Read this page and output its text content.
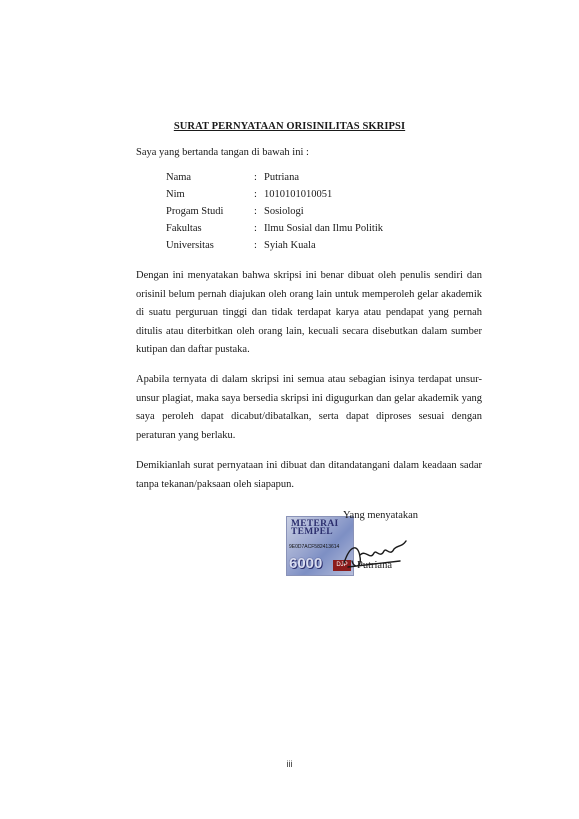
SURAT PERNYATAAN ORISINILITAS SKRIPSI
Saya yang bertanda tangan di bawah ini :
Nama	: Putriana
Nim	: 1010101010051
Progam Studi	: Sosiologi
Fakultas	: Ilmu Sosial dan Ilmu Politik
Universitas	: Syiah Kuala

Dengan ini menyatakan bahwa skripsi ini benar dibuat oleh penulis sendiri dan orisinil belum pernah diajukan oleh orang lain untuk memperoleh gelar akademik di suatu perguruan tinggi dan tidak terdapat karya atau pendapat yang pernah ditulis atau diterbitkan oleh orang lain, kecuali secara disebutkan dalam sumber kutipan dan daftar pustaka.

Apabila ternyata di dalam skripsi ini semua atau sebagian isinya terdapat unsur-unsur plagiat, maka saya bersedia skripsi ini digugurkan dan gelar akademik yang saya peroleh dapat dicabut/dibatalkan, serta dapat diproses sesuai dengan peraturan yang berlaku.

Demikianlah surat pernyataan ini dibuat dan ditandatangani dalam keadaan sadar tanpa tekanan/paksaan oleh siapapun.

METERAI
TEMPEL
9E0D7ACF582413614
6000	DJP
Yang menyatakan
Putriana
iii
